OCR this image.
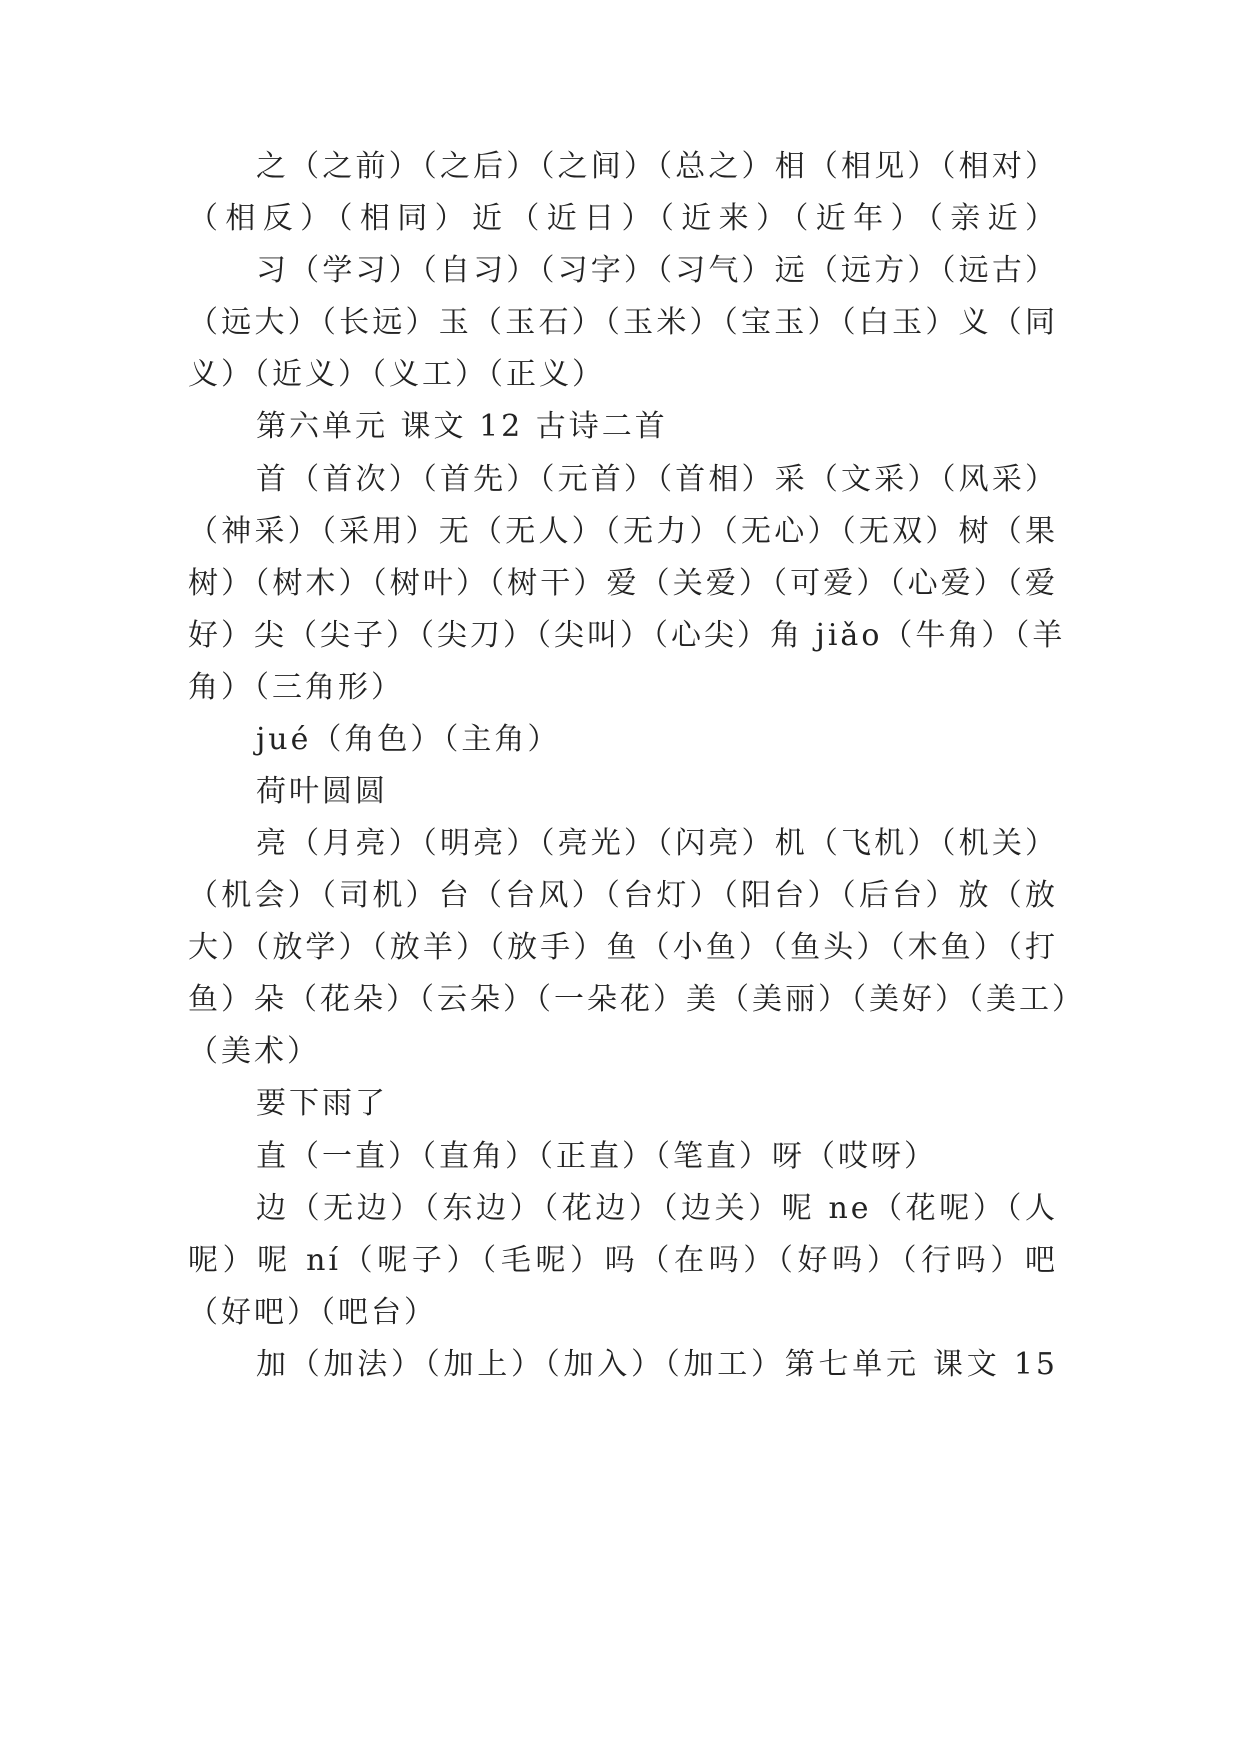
之（之前）（之后）（之间）（总之）相（相见）（相对）
（相反）（相同）近（近日）（近来）（近年）（亲近）
习（学习）（自习）（习字）（习气）远（远方）（远古）
（远大）（长远）玉（玉石）（玉米）（宝玉）（白玉）义（同
义）（近义）（义工）（正义）
第六单元 课文 12 古诗二首
首（首次）（首先）（元首）（首相）采（文采）（风采）
（神采）（采用）无（无人）（无力）（无心）（无双）树（果
树）（树木）（树叶）（树干）爱（关爱）（可爱）（心爱）（爱
好）尖（尖子）（尖刀）（尖叫）（心尖）角 jiǎo（牛角）（羊
角）（三角形）
jué（角色）（主角）
荷叶圆圆
亮（月亮）（明亮）（亮光）（闪亮）机（飞机）（机关）
（机会）（司机）台（台风）（台灯）（阳台）（后台）放（放
大）（放学）（放羊）（放手）鱼（小鱼）（鱼头）（木鱼）（打
鱼）朵（花朵）（云朵）（一朵花）美（美丽）（美好）（美工）
（美术）
要下雨了
直（一直）（直角）（正直）（笔直）呀（哎呀）
边（无边）（东边）（花边）（边关）呢 ne（花呢）（人
呢）呢 ní（呢子）（毛呢）吗（在吗）（好吗）（行吗）吧
（好吧）（吧台）
加（加法）（加上）（加入）（加工）第七单元 课文 15
